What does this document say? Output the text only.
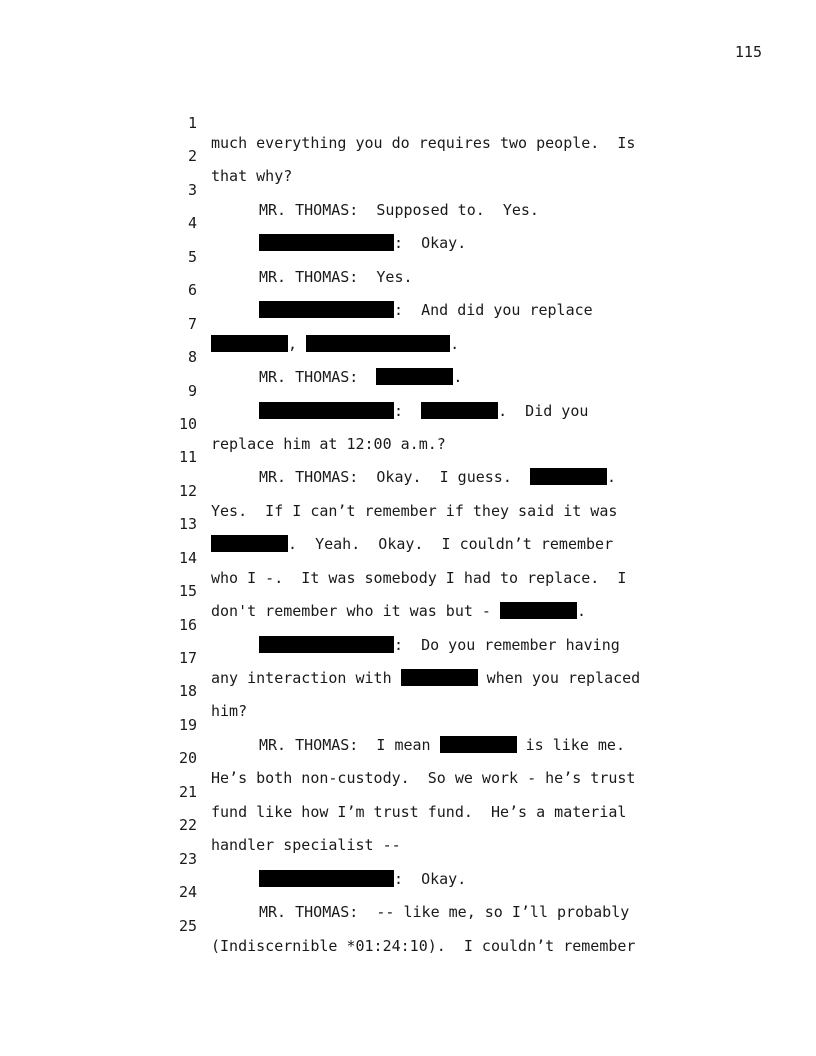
115

1

much everything you do requires two people.  Is

2

that why?

3

MR. THOMAS:  Supposed to.  Yes.

4

:  Okay.

5

MR. THOMAS:  Yes.

6

:  And did you replace

7

,	.

8

MR. THOMAS:	.

9

:	.  Did you

10

replace him at 12:00 a.m.?

11

MR. THOMAS:  Okay.  I guess.	.

12

Yes.  If I can’t remember if they said it was

13

.  Yeah.  Okay.  I couldn’t remember

14

who I -.  It was somebody I had to replace.  I

15

don't remember who it was but -	.

16

:  Do you remember having

17

any interaction with	when you replaced

18

him?

19

MR. THOMAS:  I mean	is like me.

20

He’s both non-custody.  So we work - he’s trust

21

fund like how I’m trust fund.  He’s a material

22

handler specialist --

23

:  Okay.

24

MR. THOMAS:  -- like me, so I’ll probably

25

(Indiscernible *01:24:10).  I couldn’t remember
